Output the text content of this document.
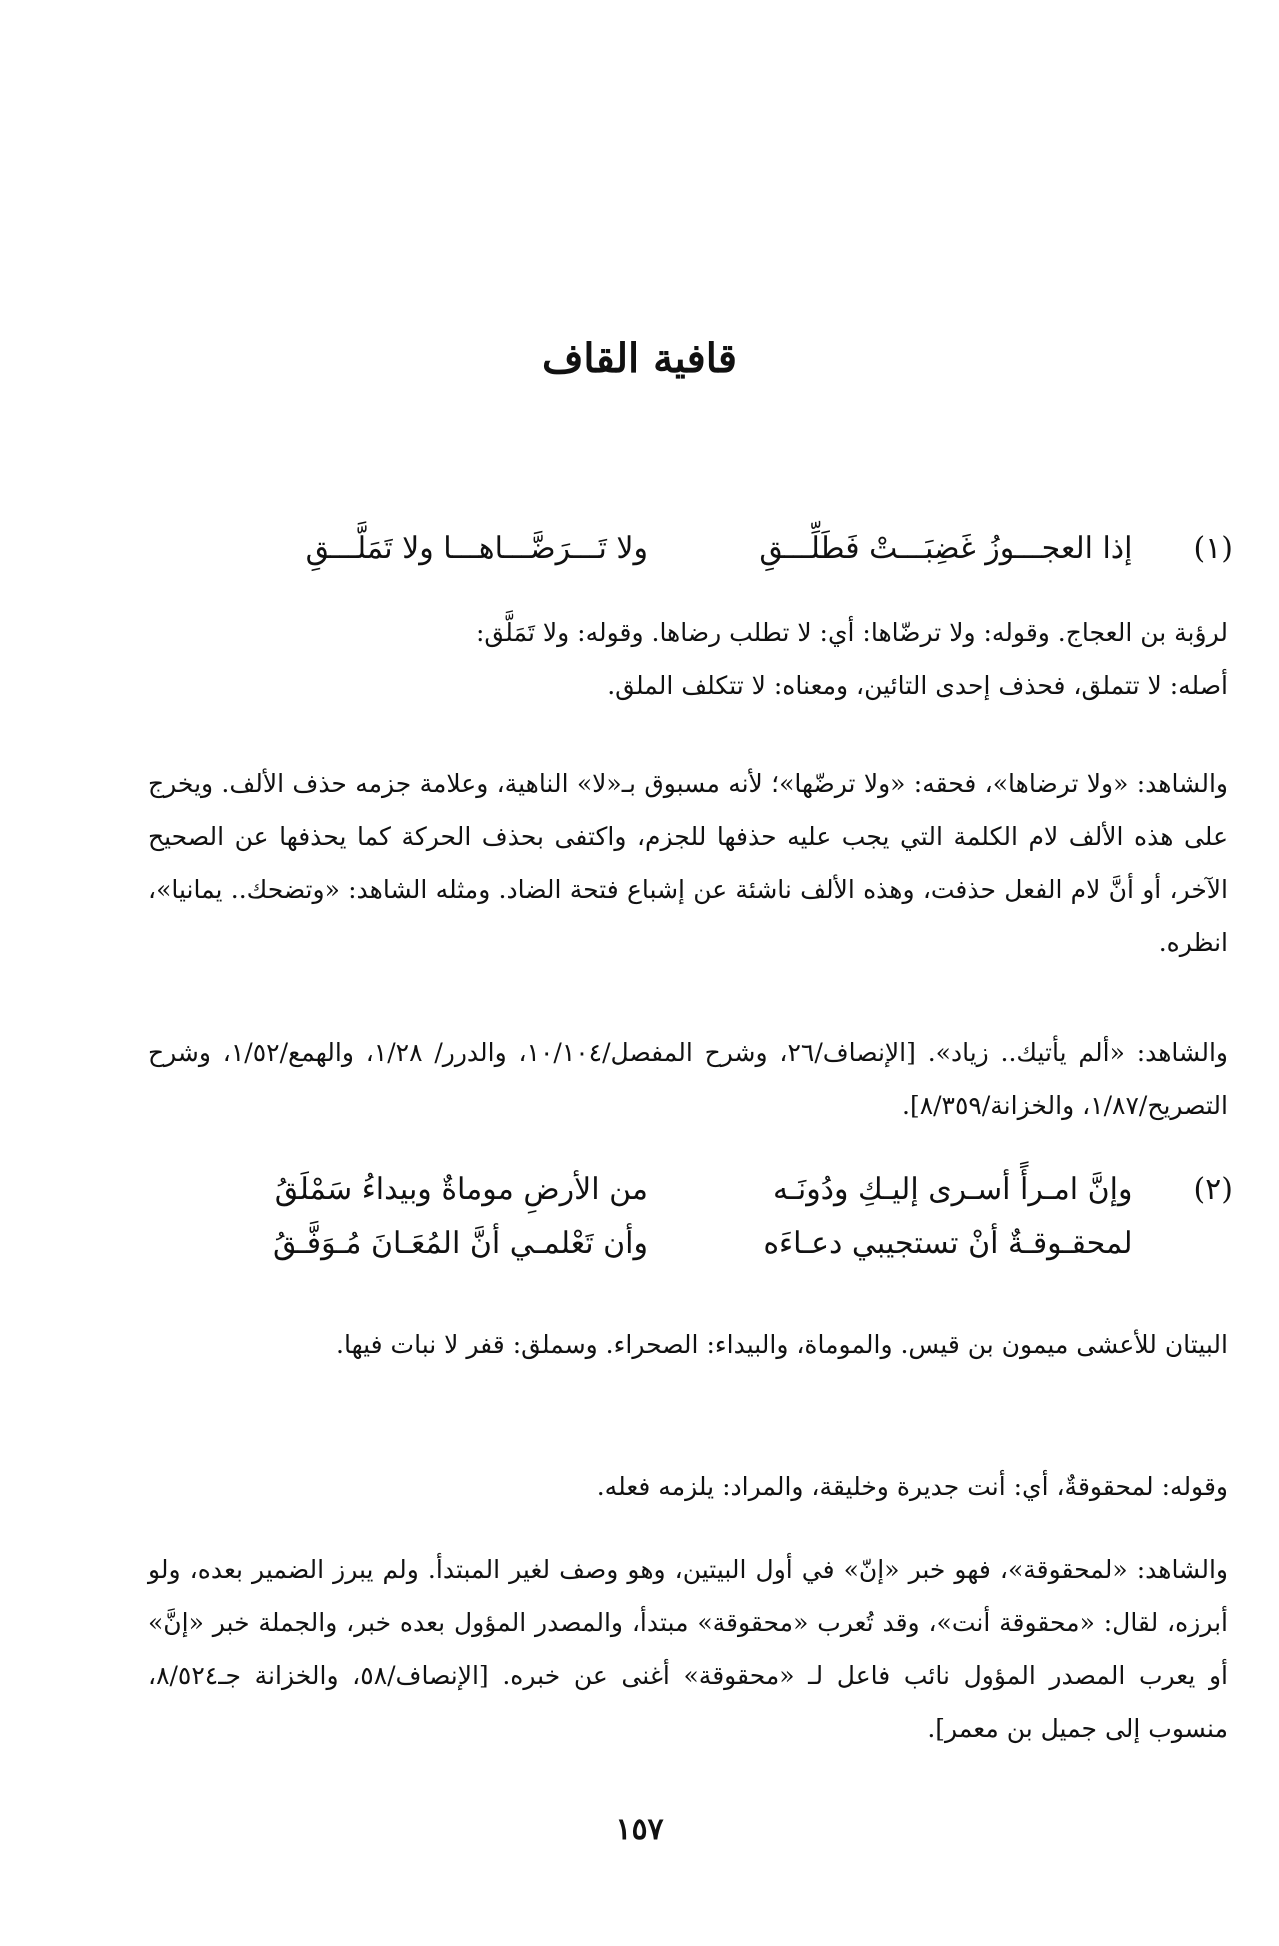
قافية القاف
(١)
إذا العجـــوزُ غَضِبَـــتْ فَطَلِّـــقِ
ولا تَـــرَضَّـــاهـــا ولا تَمَلَّـــقِ

لرؤبة بن العجاج. وقوله: ولا ترضّاها: أي: لا تطلب رضاها. وقوله: ولا تَمَلَّق:

أصله: لا تتملق، فحذف إحدى التائين، ومعناه: لا تتكلف الملق.

والشاهد: «ولا ترضاها»، فحقه: «ولا ترضّها»؛ لأنه مسبوق بـ«لا» الناهية، وعلامة جزمه حذف الألف. ويخرج على هذه الألف لام الكلمة التي يجب عليه حذفها للجزم، واكتفى بحذف الحركة كما يحذفها عن الصحيح الآخر، أو أنَّ لام الفعل حذفت، وهذه الألف ناشئة عن إشباع فتحة الضاد. ومثله الشاهد: «وتضحك.. يمانيا»، انظره.

والشاهد: «ألم يأتيك.. زياد». [الإنصاف/٢٦، وشرح المفصل/١٠/١٠٤، والدرر/ ١/٢٨، والهمع/١/٥٢، وشرح التصريح/١/٨٧، والخزانة/٨/٣٥٩].

(٢)
وإنَّ امـرأً أسـرى إليـكِ ودُونَـه
من الأرضِ موماةٌ وبيداءُ سَمْلَقُ
لمحقـوقـةٌ أنْ تستجيبي دعـاءَه
وأن تَعْلمـي أنَّ المُعَـانَ مُـوَفَّـقُ

البيتان للأعشى ميمون بن قيس. والموماة، والبيداء: الصحراء. وسملق: قفر لا نبات فيها.

وقوله: لمحقوقةٌ، أي: أنت جديرة وخليقة، والمراد: يلزمه فعله.

والشاهد: «لمحقوقة»، فهو خبر «إنّ» في أول البيتين، وهو وصف لغير المبتدأ. ولم يبرز الضمير بعده، ولو أبرزه، لقال: «محقوقة أنت»، وقد تُعرب «محقوقة» مبتدأ، والمصدر المؤول بعده خبر، والجملة خبر «إنَّ» أو يعرب المصدر المؤول نائب فاعل لـ «محقوقة» أغنى عن خبره. [الإنصاف/٥٨، والخزانة جـ٨/٥٢٤، منسوب إلى جميل بن معمر].

١٥٧
